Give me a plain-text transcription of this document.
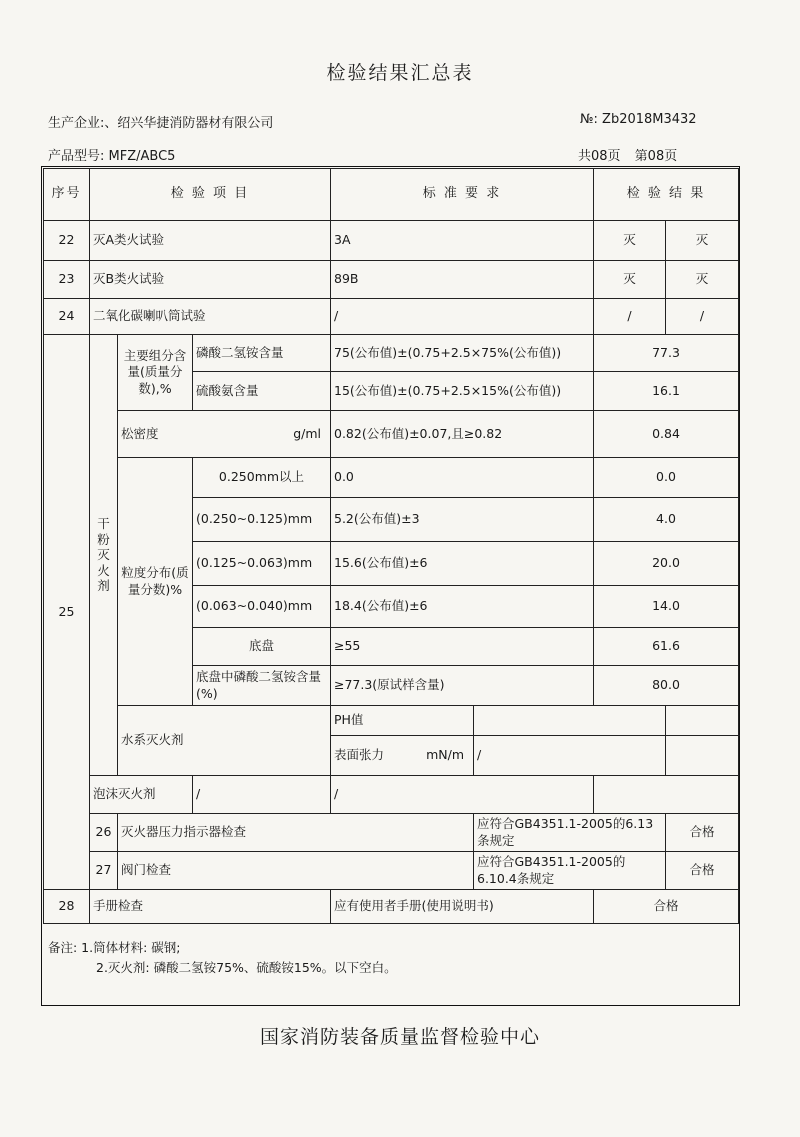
检验结果汇总表
生产企业:、绍兴华捷消防器材有限公司	№: Zb2018M3432
产品型号: MFZ/ABC5	共08页 第08页
序号	检 验 项 目			标 准 要 求		检 验 结 果	
22	灭A类火试验			3A		灭	灭
23	灭B类火试验			89B		灭	灭
24	二氧化碳喇叭筒试验			/		/	/
25	干粉灭火剂	主要组分含量(质量分数),%	磷酸二氢铵含量	75(公布值)±(0.75+2.5×75%(公布值))		77.3	
			硫酸氨含量	15(公布值)±(0.75+2.5×15%(公布值))		16.1	
		松密度 g/ml		0.82(公布值)±0.07,且≥0.82		0.84	
		粒度分布(质量分数)%	0.250mm以上	0.0		0.0	
			(0.250~0.125)mm	5.2(公布值)±3		4.0	
			(0.125~0.063)mm	15.6(公布值)±6		20.0	
			(0.063~0.040)mm	18.4(公布值)±6		14.0	
			底盘	≥55		61.6	
			底盘中磷酸二氢铵含量(%)	≥77.3(原试样含量)		80.0	
		水系灭火剂		PH值			
				表面张力 mN/m	/		
	泡沫灭火剂		/	/			
	26	灭火器压力指示器检查			应符合GB4351.1-2005的6.13条规定		合格
	27	阀门检查			应符合GB4351.1-2005的6.10.4条规定		合格
28	手册检查			应有使用者手册(使用说明书)		合格	
备注: 1.筒体材料: 碳钢;
2.灭火剂: 磷酸二氢铵75%、硫酸铵15%。以下空白。
国家消防装备质量监督检验中心
